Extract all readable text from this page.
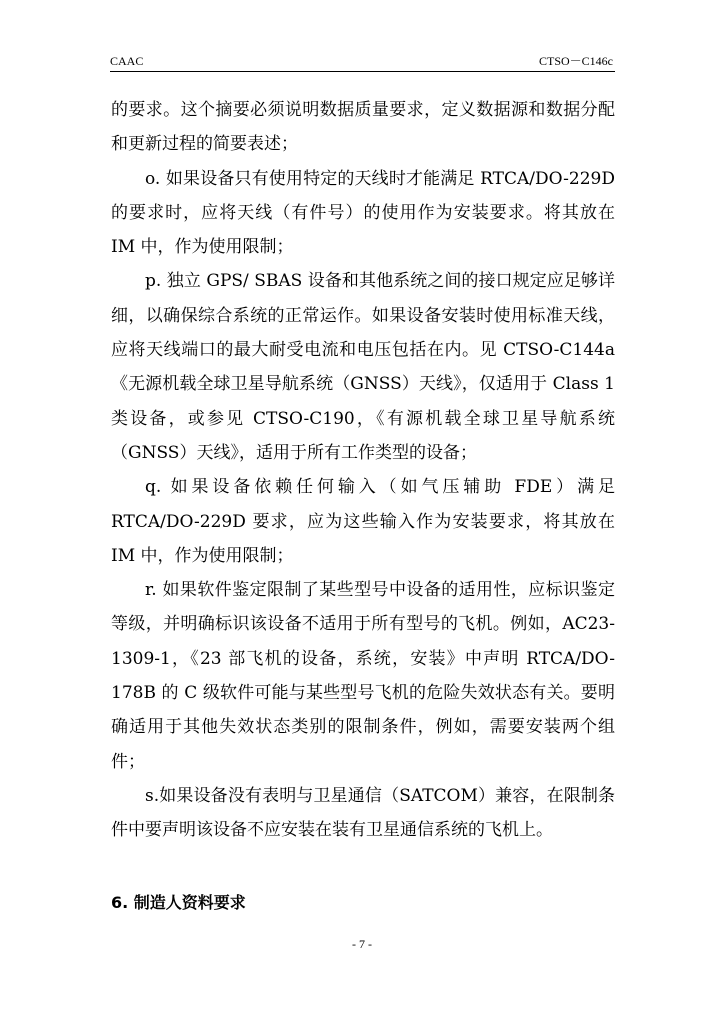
CAAC	CTSO－C146c

的要求。这个摘要必须说明数据质量要求，定义数据源和数据分配和更新过程的简要表述；

o. 如果设备只有使用特定的天线时才能满足 RTCA/DO-229D 的要求时，应将天线（有件号）的使用作为安装要求。将其放在 IM 中，作为使用限制；

p. 独立 GPS/ SBAS 设备和其他系统之间的接口规定应足够详细，以确保综合系统的正常运作。如果设备安装时使用标准天线，应将天线端口的最大耐受电流和电压包括在内。见 CTSO-C144a《无源机载全球卫星导航系统（GNSS）天线》，仅适用于 Class 1 类设备，或参见 CTSO-C190，《有源机载全球卫星导航系统（GNSS）天线》，适用于所有工作类型的设备；

q. 如果设备依赖任何输入（如气压辅助 FDE）满足 RTCA/DO-229D 要求，应为这些输入作为安装要求，将其放在 IM 中，作为使用限制；

r. 如果软件鉴定限制了某些型号中设备的适用性，应标识鉴定等级，并明确标识该设备不适用于所有型号的飞机。例如，AC23-1309-1，《23 部飞机的设备，系统，安装》中声明 RTCA/DO-178B 的 C 级软件可能与某些型号飞机的危险失效状态有关。要明确适用于其他失效状态类别的限制条件，例如，需要安装两个组件；

s.如果设备没有表明与卫星通信（SATCOM）兼容，在限制条件中要声明该设备不应安装在装有卫星通信系统的飞机上。

6. 制造人资料要求
- 7 -
